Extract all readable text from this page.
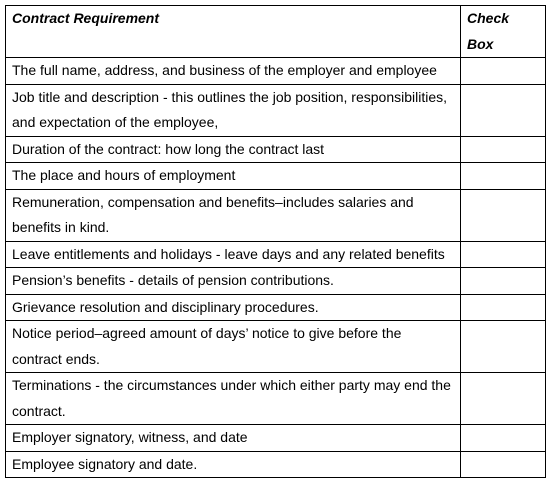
Contract Requirement	Check Box

The full name, address, and business of the employer and employee	

Job title and description - this outlines the job position, responsibilities, and expectation of the employee,	

Duration of the contract: how long the contract last	

The place and hours of employment	

Remuneration, compensation and benefits–includes salaries and benefits in kind.	

Leave entitlements and holidays - leave days and any related benefits	

Pension’s benefits - details of pension contributions.	

Grievance resolution and disciplinary procedures.	

Notice period–agreed amount of days’ notice to give before the contract ends.	

Terminations - the circumstances under which either party may end the contract.	

Employer signatory, witness, and date	

Employee signatory and date.	
